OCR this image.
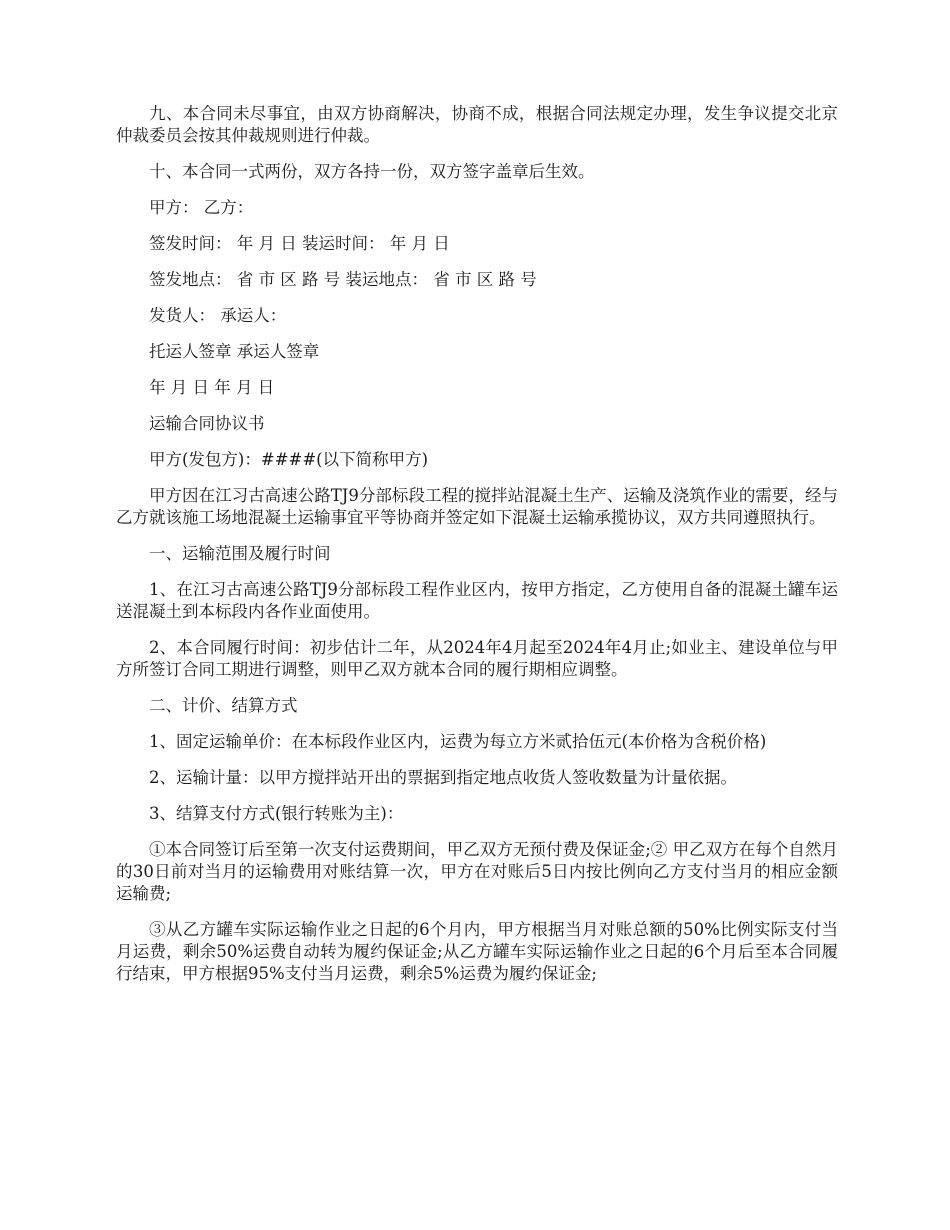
九、本合同未尽事宜，由双方协商解决，协商不成，根据合同法规定办理，发生争议提交北京仲裁委员会按其仲裁规则进行仲裁。

十、本合同一式两份，双方各持一份，双方签字盖章后生效。

甲方： 乙方：

签发时间： 年 月 日 装运时间： 年 月 日

签发地点： 省 市 区 路 号 装运地点： 省 市 区 路 号

发货人： 承运人：

托运人签章 承运人签章

年 月 日 年 月 日

运输合同协议书

甲方(发包方)：####(以下简称甲方)

甲方因在江习古高速公路TJ9分部标段工程的搅拌站混凝土生产、运输及浇筑作业的需要，经与乙方就该施工场地混凝土运输事宜平等协商并签定如下混凝土运输承揽协议，双方共同遵照执行。

一、运输范围及履行时间

1、在江习古高速公路TJ9分部标段工程作业区内，按甲方指定，乙方使用自备的混凝土罐车运送混凝土到本标段内各作业面使用。

2、本合同履行时间：初步估计二年，从2024年4月起至2024年4月止;如业主、建设单位与甲方所签订合同工期进行调整，则甲乙双方就本合同的履行期相应调整。

二、计价、结算方式

1、固定运输单价：在本标段作业区内，运费为每立方米贰拾伍元(本价格为含税价格)

2、运输计量：以甲方搅拌站开出的票据到指定地点收货人签收数量为计量依据。

3、结算支付方式(银行转账为主)：

①本合同签订后至第一次支付运费期间，甲乙双方无预付费及保证金;② 甲乙双方在每个自然月的30日前对当月的运输费用对账结算一次，甲方在对账后5日内按比例向乙方支付当月的相应金额运输费;

③从乙方罐车实际运输作业之日起的6个月内，甲方根据当月对账总额的50%比例实际支付当月运费，剩余50%运费自动转为履约保证金;从乙方罐车实际运输作业之日起的6个月后至本合同履行结束，甲方根据95%支付当月运费，剩余5%运费为履约保证金;
